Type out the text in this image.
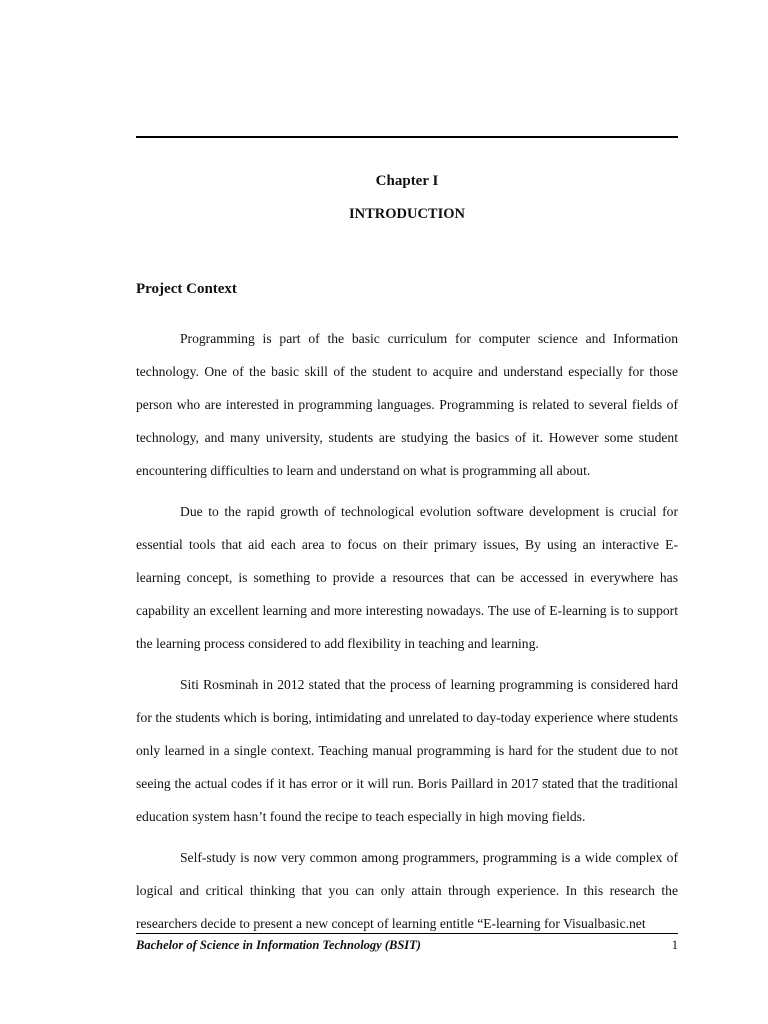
Chapter I
INTRODUCTION
Project Context

Programming is part of the basic curriculum for computer science and Information technology. One of the basic skill of the student to acquire and understand especially for those person who are interested in programming languages. Programming is related to several fields of technology, and many university, students are studying the basics of it. However some student encountering difficulties to learn and understand on what is programming all about.

Due to the rapid growth of technological evolution software development is crucial for essential tools that aid each area to focus on their primary issues, By using an interactive E-learning concept, is something to provide a resources that can be accessed in everywhere has capability an excellent learning and more interesting nowadays. The use of E-learning is to support the learning process considered to add flexibility in teaching and learning.

Siti Rosminah in 2012 stated that the process of learning programming is considered hard for the students which is boring, intimidating and unrelated to day-today experience where students only learned in a single context. Teaching manual programming is hard for the student due to not seeing the actual codes if it has error or it will run. Boris Paillard in 2017 stated that the traditional education system hasn’t found the recipe to teach especially in high moving fields.

Self-study is now very common among programmers, programming is a wide complex of logical and critical thinking that you can only attain through experience. In this research the researchers decide to present a new concept of learning entitle “E-learning for Visualbasic.net

Bachelor of Science in Information Technology (BSIT)	1
